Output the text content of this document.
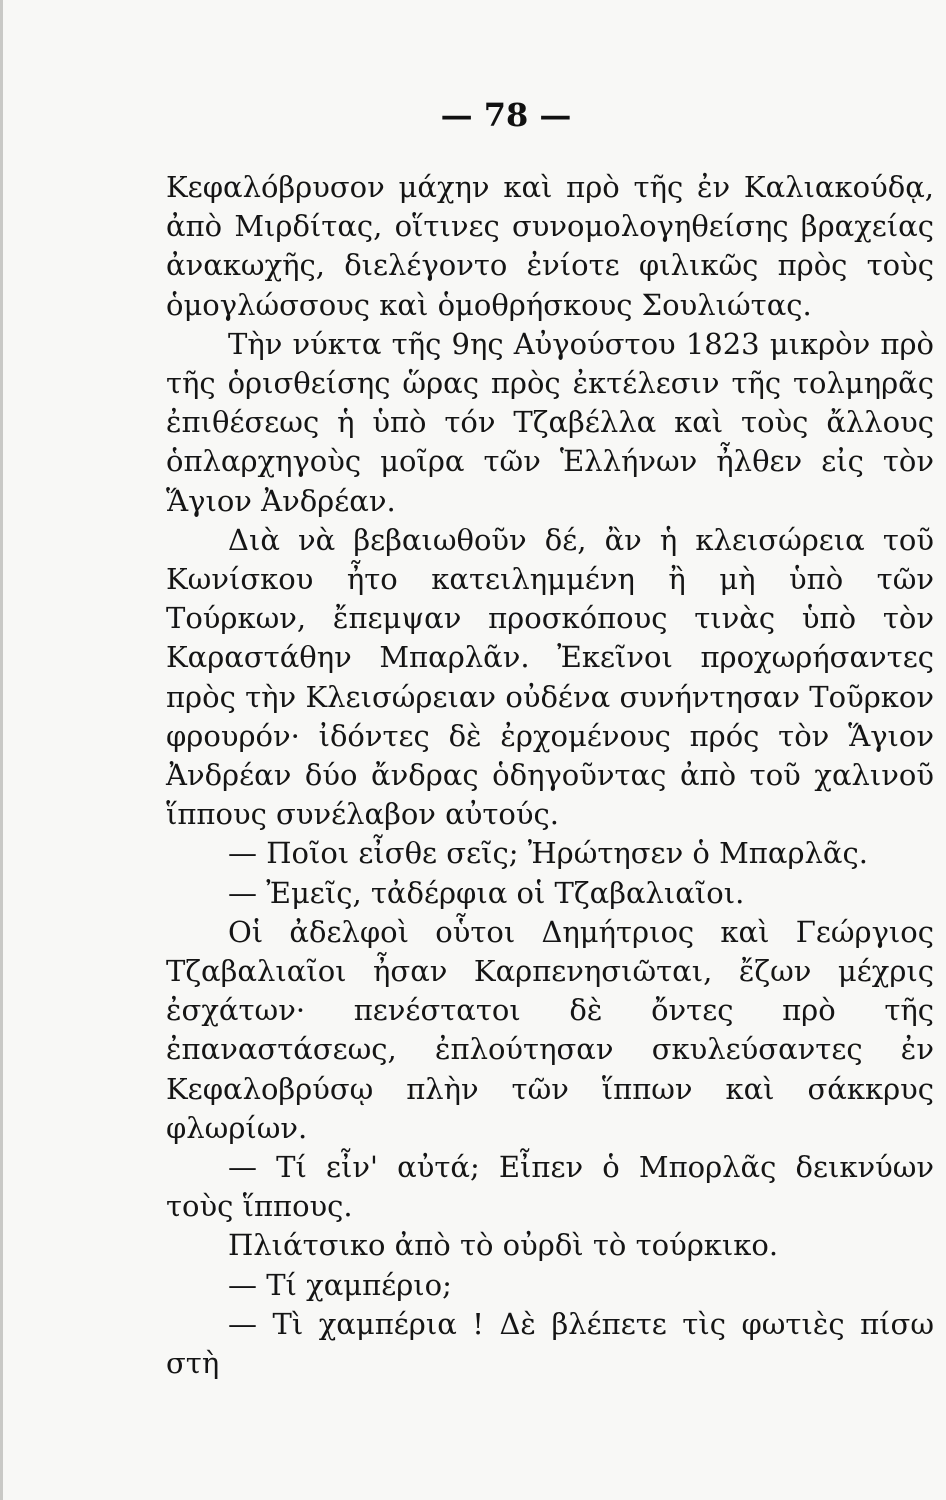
— 78 —

Κεφαλόβρυσον μάχην καὶ πρὸ τῆς ἐν Καλιακούδᾳ, ἀπὸ Μιρδίτας, οἵτινες συνομολογηθείσης βραχείας ἀνακωχῆς, διελέγοντο ἐνίοτε φιλικῶς πρὸς τοὺς ὁμογλώσσους καὶ ὁμοθρήσκους Σουλιώτας.

Τὴν νύκτα τῆς 9ης Αὐγούστου 1823 μικρὸν πρὸ τῆς ὁρισθείσης ὥρας πρὸς ἐκτέλεσιν τῆς τολμηρᾶς ἐπιθέσεως ἡ ὑπὸ τόν Τζαβέλλα καὶ τοὺς ἄλλους ὁπλαρχηγοὺς μοῖρα τῶν Ἑλλήνων ἦλθεν εἰς τὸν Ἅγιον Ἀνδρέαν.

Διὰ νὰ βεβαιωθοῦν δέ, ἂν ἡ κλεισώρεια τοῦ Κωνίσκου ἦτο κατειλημμένη ἢ μὴ ὑπὸ τῶν Τούρκων, ἔπεμψαν προσκόπους τινὰς ὑπὸ τὸν Καραστάθην Μπαρλᾶν. Ἐκεῖνοι προχωρήσαντες πρὸς τὴν Κλεισώρειαν οὐδένα συνήντησαν Τοῦρκον φρουρόν· ἰδόντες δὲ ἐρχομένους πρός τὸν Ἅγιον Ἀνδρέαν δύο ἄνδρας ὁδηγοῦντας ἀπὸ τοῦ χαλινοῦ ἵππους συνέλαβον αὐτούς.

— Ποῖοι εἶσθε σεῖς; Ἠρώτησεν ὁ Μπαρλᾶς.

— Ἐμεῖς, τἀδέρφια οἱ Τζαβαλιαῖοι.

Οἱ ἀδελφοὶ οὗτοι Δημήτριος καὶ Γεώργιος Τζαβαλιαῖοι ἦσαν Καρπενησιῶται, ἔζων μέχρις ἐσχάτων· πενέστατοι δὲ ὄντες πρὸ τῆς ἐπαναστάσεως, ἐπλούτησαν σκυλεύσαντες ἐν Κεφαλοβρύσῳ πλὴν τῶν ἵππων καὶ σάκκρυς φλωρίων.

— Τί εἶν' αὐτά; Εἶπεν ὁ Μπορλᾶς δεικνύων τοὺς ἵππους.

Πλιάτσικο ἀπὸ τὸ οὐρδὶ τὸ τούρκικο.

— Τί χαμπέριο;

— Τὶ χαμπέρια ! Δὲ βλέπετε τὶς φωτιὲς πίσω στὴ
